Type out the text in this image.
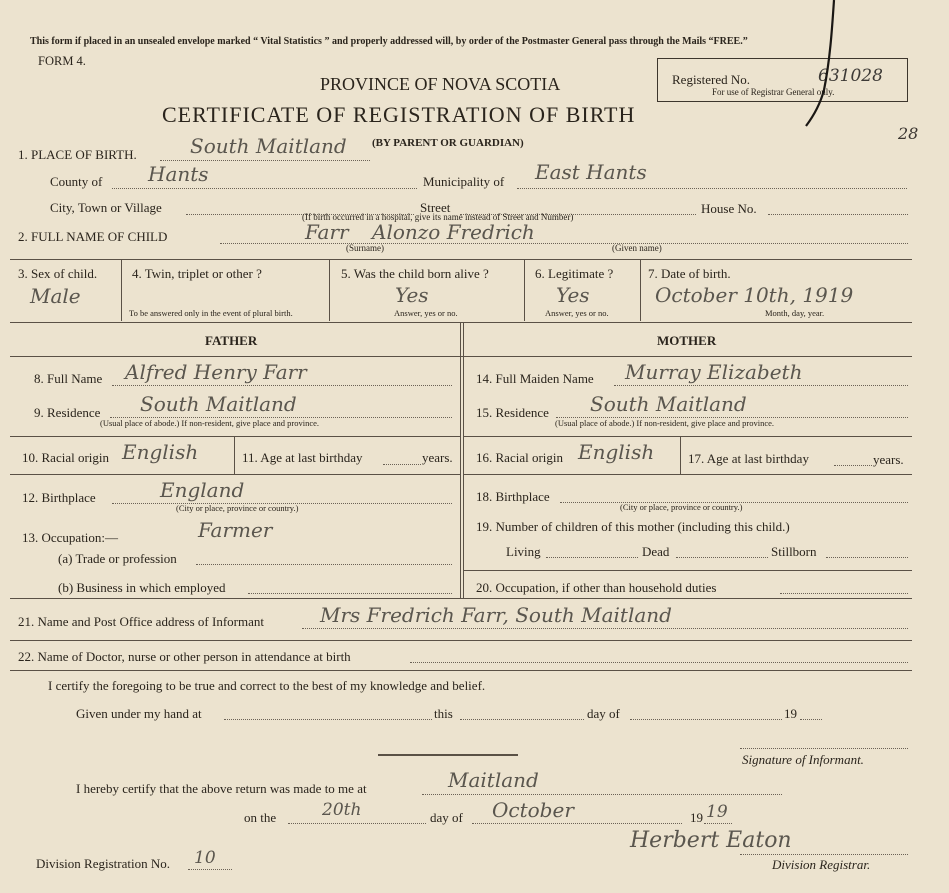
This form if placed in an unsealed envelope marked “ Vital Statistics ” and properly addressed will, by order of the Postmaster General pass through the Mails “FREE.”
FORM 4.
PROVINCE OF NOVA SCOTIA
CERTIFICATE OF REGISTRATION OF BIRTH
(BY PARENT OR GUARDIAN)
Registered No.	631028
For use of Registrar General only.
28
1. PLACE OF BIRTH.	South Maitland
County of Hants	Municipality of East Hants
City, Town or Village	Street	House No.
(If birth occurred in a hospital, give its name instead of Street and Number)
2. FULL NAME OF CHILD	Farr Alonzo Fredrich
(Surname)	(Given name)
3. Sex of child.
Male
4. Twin, triplet or other ?
To be answered only in the event of plural birth.
5. Was the child born alive ?
Yes
Answer, yes or no.
6. Legitimate ?
Yes
Answer, yes or no.
7. Date of birth.
October 10th, 1919
Month, day, year.
FATHER	MOTHER
8. Full Name Alfred Henry Farr
9. Residence South Maitland
(Usual place of abode.) If non-resident, give place and province.
10. Racial origin English	11. Age at last birthday	years.
12. Birthplace	England
(City or place, province or country.)
13. Occupation:—	Farmer
(a) Trade or profession
(b) Business in which employed
14. Full Maiden Name Murray Elizabeth
15. Residence South Maitland
(Usual place of abode.) If non-resident, give place and province.
16. Racial origin English	17. Age at last birthday	years.
18. Birthplace
(City or place, province or country.)
19. Number of children of this mother (including this child.)
Living	Dead	Stillborn
20. Occupation, if other than household duties
21. Name and Post Office address of Informant	Mrs Fredrich Farr, South Maitland
22. Name of Doctor, nurse or other person in attendance at birth
I certify the foregoing to be true and correct to the best of my knowledge and belief.
Given under my hand at	this	day of	19
Signature of Informant.
I hereby certify that the above return was made to me at	Maitland
on the	20th	day of October	19 19
Herbert Eaton
Division Registration No. 10	Division Registrar.
